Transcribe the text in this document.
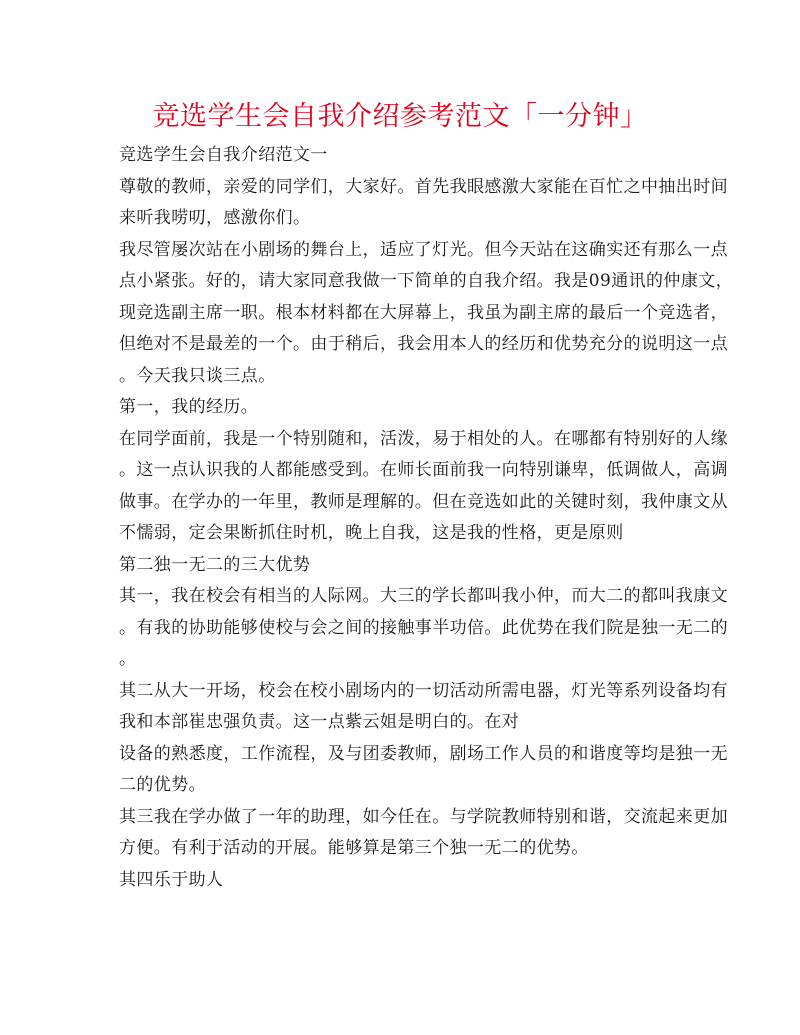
竞选学生会自我介绍参考范文「一分钟」
竞选学生会自我介绍范文一
尊敬的教师，亲爱的同学们，大家好。首先我眼感激大家能在百忙之中抽出时间
来听我唠叨，感激你们。
我尽管屡次站在小剧场的舞台上，适应了灯光。但今天站在这确实还有那么一点
点小紧张。好的，请大家同意我做一下简单的自我介绍。我是09通讯的仲康文，
现竞选副主席一职。根本材料都在大屏幕上，我虽为副主席的最后一个竞选者，
但绝对不是最差的一个。由于稍后，我会用本人的经历和优势充分的说明这一点
。今天我只谈三点。
第一，我的经历。
在同学面前，我是一个特别随和，活泼，易于相处的人。在哪都有特别好的人缘
。这一点认识我的人都能感受到。在师长面前我一向特别谦卑，低调做人，高调
做事。在学办的一年里，教师是理解的。但在竞选如此的关键时刻，我仲康文从
不懦弱，定会果断抓住时机，晚上自我，这是我的性格，更是原则
第二独一无二的三大优势
其一，我在校会有相当的人际网。大三的学长都叫我小仲，而大二的都叫我康文
。有我的协助能够使校与会之间的接触事半功倍。此优势在我们院是独一无二的
。
其二从大一开场，校会在校小剧场内的一切活动所需电器，灯光等系列设备均有
我和本部崔忠强负责。这一点紫云姐是明白的。在对
设备的熟悉度，工作流程，及与团委教师，剧场工作人员的和谐度等均是独一无
二的优势。
其三我在学办做了一年的助理，如今任在。与学院教师特别和谐，交流起来更加
方便。有利于活动的开展。能够算是第三个独一无二的优势。
其四乐于助人
